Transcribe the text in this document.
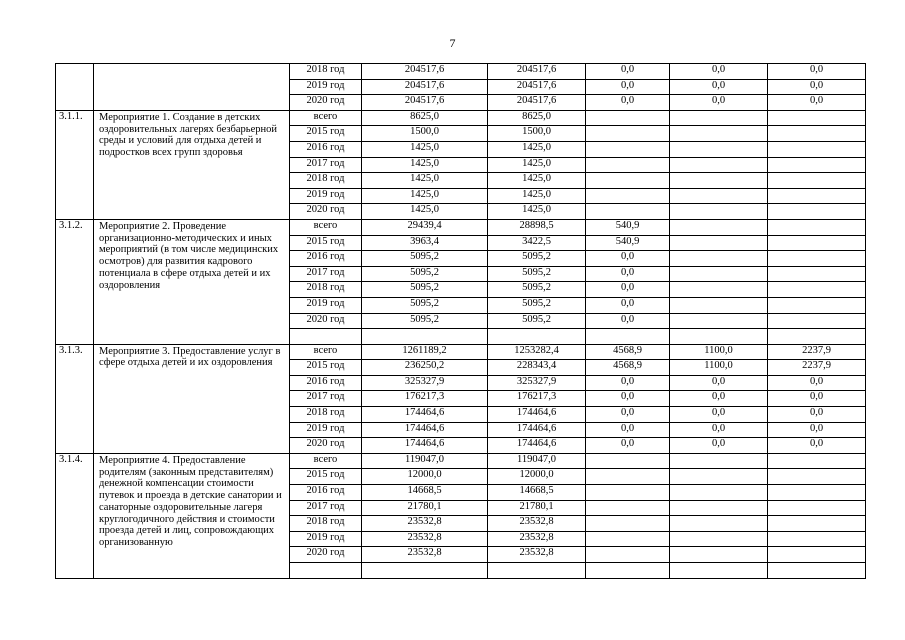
7
		2018 год	204517,6	204517,6	0,0	0,0	0,0
		2019 год	204517,6	204517,6	0,0	0,0	0,0
		2020 год	204517,6	204517,6	0,0	0,0	0,0
3.1.1.	Мероприятие 1. Создание в детских оздоровительных лагерях безбарьерной среды и условий для отдыха детей и подростков всех групп здоровья	всего	8625,0	8625,0			
		2015 год	1500,0	1500,0			
		2016 год	1425,0	1425,0			
		2017 год	1425,0	1425,0			
		2018 год	1425,0	1425,0			
		2019 год	1425,0	1425,0			
		2020 год	1425,0	1425,0			
3.1.2.	Мероприятие 2. Проведение организационно-методических и иных мероприятий (в том числе медицинских осмотров) для развития кадрового потенциала в сфере отдыха детей и их оздоровления	всего	29439,4	28898,5	540,9		
		2015 год	3963,4	3422,5	540,9		
		2016 год	5095,2	5095,2	0,0		
		2017 год	5095,2	5095,2	0,0		
		2018 год	5095,2	5095,2	0,0		
		2019 год	5095,2	5095,2	0,0		
		2020 год	5095,2	5095,2	0,0		

3.1.3.	Мероприятие 3. Предоставление услуг в сфере отдыха детей и их оздоровления	всего	1261189,2	1253282,4	4568,9	1100,0	2237,9
		2015 год	236250,2	228343,4	4568,9	1100,0	2237,9
		2016 год	325327,9	325327,9	0,0	0,0	0,0
		2017 год	176217,3	176217,3	0,0	0,0	0,0
		2018 год	174464,6	174464,6	0,0	0,0	0,0
		2019 год	174464,6	174464,6	0,0	0,0	0,0
		2020 год	174464,6	174464,6	0,0	0,0	0,0
3.1.4.	Мероприятие 4. Предоставление родителям (законным представителям) денежной компенсации стоимости путевок и проезда в детские санатории и санаторные оздоровительные лагеря круглогодичного действия и стоимости проезда детей и лиц, сопровождающих организованную	всего	119047,0	119047,0			
		2015 год	12000,0	12000,0			
		2016 год	14668,5	14668,5			
		2017 год	21780,1	21780,1			
		2018 год	23532,8	23532,8			
		2019 год	23532,8	23532,8			
		2020 год	23532,8	23532,8			
